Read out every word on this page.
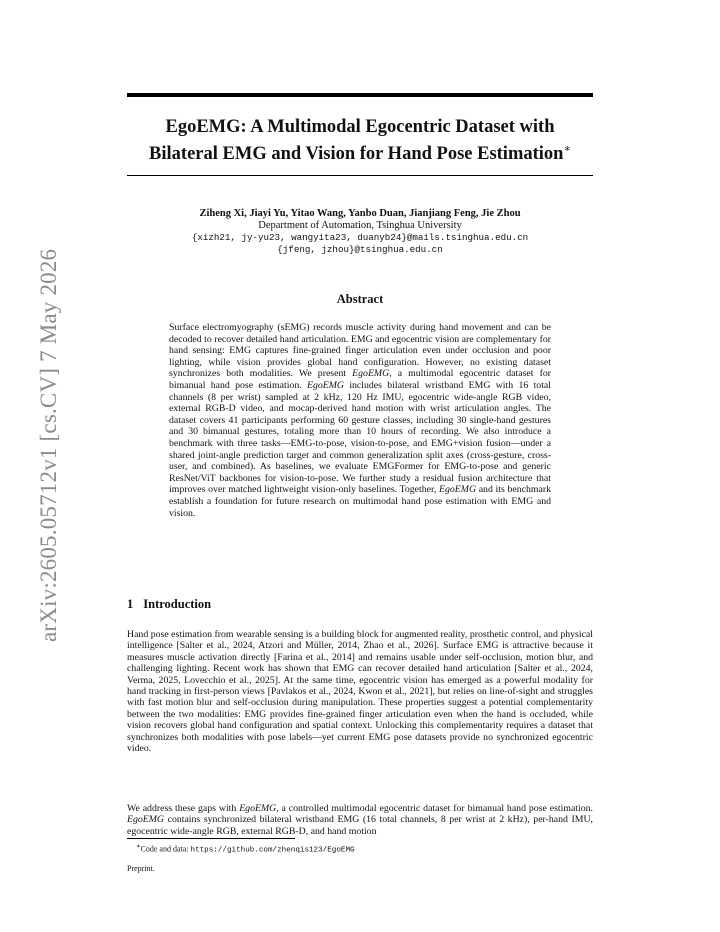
arXiv:2605.05712v1 [cs.CV] 7 May 2026
EgoEMG: A Multimodal Egocentric Dataset with
Bilateral EMG and Vision for Hand Pose Estimation∗
Ziheng Xi, Jiayi Yu, Yitao Wang, Yanbo Duan, Jianjiang Feng, Jie Zhou
Department of Automation, Tsinghua University
{xizh21, jy-yu23, wangyita23, duanyb24}@mails.tsinghua.edu.cn
{jfeng, jzhou}@tsinghua.edu.cn
Abstract

Surface electromyography (sEMG) records muscle activity during hand movement and can be decoded to recover detailed hand articulation. EMG and egocentric vision are complementary for hand sensing: EMG captures fine-grained finger articulation even under occlusion and poor lighting, while vision provides global hand configuration. However, no existing dataset synchronizes both modalities. We present EgoEMG, a multimodal egocentric dataset for bimanual hand pose estimation. EgoEMG includes bilateral wristband EMG with 16 total channels (8 per wrist) sampled at 2 kHz, 120 Hz IMU, egocentric wide-angle RGB video, external RGB-D video, and mocap-derived hand motion with wrist articulation angles. The dataset covers 41 participants performing 60 gesture classes, including 30 single-hand gestures and 30 bimanual gestures, totaling more than 10 hours of recording. We also introduce a benchmark with three tasks—EMG-to-pose, vision-to-pose, and EMG+vision fusion—under a shared joint-angle prediction target and common generalization split axes (cross-gesture, cross-user, and combined). As baselines, we evaluate EMGFormer for EMG-to-pose and generic ResNet/ViT backbones for vision-to-pose. We further study a residual fusion architecture that improves over matched lightweight vision-only baselines. Together, EgoEMG and its benchmark establish a foundation for future research on multimodal hand pose estimation with EMG and vision.

1 Introduction

Hand pose estimation from wearable sensing is a building block for augmented reality, prosthetic control, and physical intelligence [Salter et al., 2024, Atzori and Müller, 2014, Zhao et al., 2026]. Surface EMG is attractive because it measures muscle activation directly [Farina et al., 2014] and remains usable under self-occlusion, motion blur, and challenging lighting. Recent work has shown that EMG can recover detailed hand articulation [Salter et al., 2024, Verma, 2025, Lovecchio et al., 2025]. At the same time, egocentric vision has emerged as a powerful modality for hand tracking in first-person views [Pavlakos et al., 2024, Kwon et al., 2021], but relies on line-of-sight and struggles with fast motion blur and self-occlusion during manipulation. These properties suggest a potential complementarity between the two modalities: EMG provides fine-grained finger articulation even when the hand is occluded, while vision recovers global hand configuration and spatial context. Unlocking this complementarity requires a dataset that synchronizes both modalities with pose labels—yet current EMG pose datasets provide no synchronized egocentric video.

We address these gaps with EgoEMG, a controlled multimodal egocentric dataset for bimanual hand pose estimation. EgoEMG contains synchronized bilateral wristband EMG (16 total channels, 8 per wrist at 2 kHz), per-hand IMU, egocentric wide-angle RGB, external RGB-D, and hand motion

∗Code and data: https://github.com/zhenqis123/EgoEMG
Preprint.
